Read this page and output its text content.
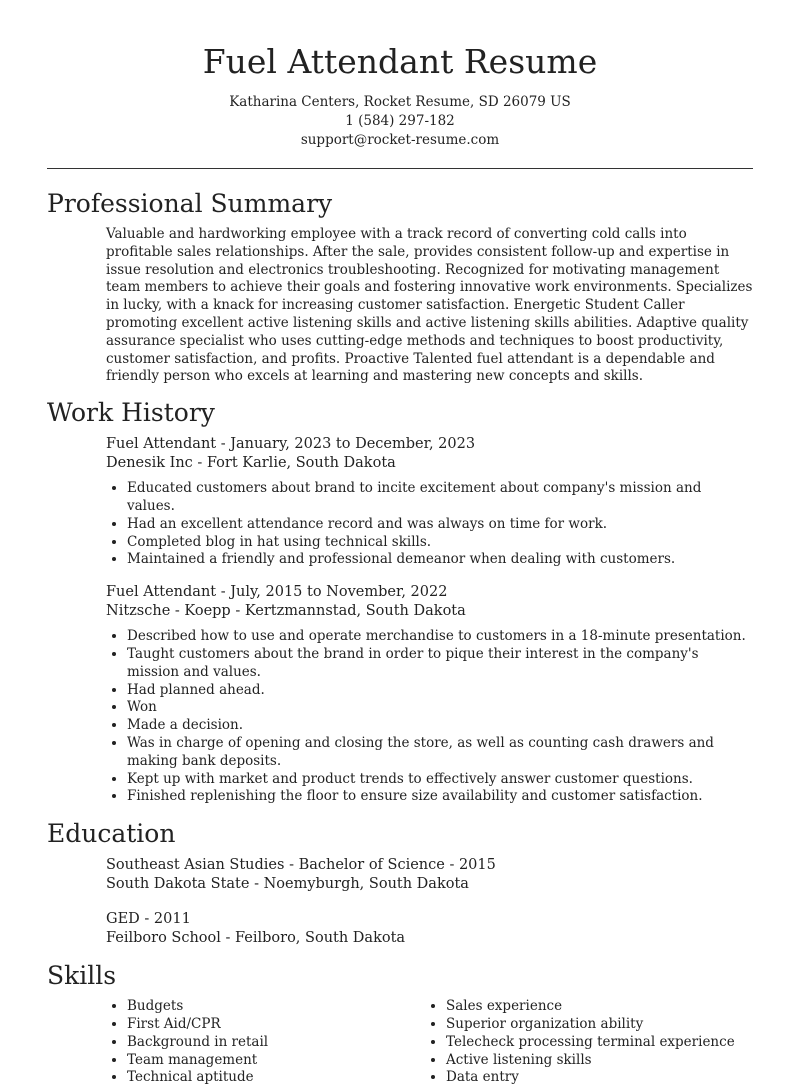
Fuel Attendant Resume
Katharina Centers, Rocket Resume, SD 26079 US
1 (584) 297-182
support@rocket-resume.com
Professional Summary
Valuable and hardworking employee with a track record of converting cold calls into profitable sales relationships. After the sale, provides consistent follow-up and expertise in issue resolution and electronics troubleshooting. Recognized for motivating management team members to achieve their goals and fostering innovative work environments. Specializes in lucky, with a knack for increasing customer satisfaction. Energetic Student Caller promoting excellent active listening skills and active listening skills abilities. Adaptive quality assurance specialist who uses cutting-edge methods and techniques to boost productivity, customer satisfaction, and profits. Proactive Talented fuel attendant is a dependable and friendly person who excels at learning and mastering new concepts and skills.
Work History
Fuel Attendant - January, 2023 to December, 2023
Denesik Inc - Fort Karlie, South Dakota
• Educated customers about brand to incite excitement about company's mission and values.
• Had an excellent attendance record and was always on time for work.
• Completed blog in hat using technical skills.
• Maintained a friendly and professional demeanor when dealing with customers.
Fuel Attendant - July, 2015 to November, 2022
Nitzsche - Koepp - Kertzmannstad, South Dakota
• Described how to use and operate merchandise to customers in a 18-minute presentation.
• Taught customers about the brand in order to pique their interest in the company's mission and values.
• Had planned ahead.
• Won
• Made a decision.
• Was in charge of opening and closing the store, as well as counting cash drawers and making bank deposits.
• Kept up with market and product trends to effectively answer customer questions.
• Finished replenishing the floor to ensure size availability and customer satisfaction.
Education
Southeast Asian Studies - Bachelor of Science - 2015
South Dakota State - Noemyburgh, South Dakota
GED - 2011
Feilboro School - Feilboro, South Dakota
Skills
• Budgets
• First Aid/CPR
• Background in retail
• Team management
• Technical aptitude
• Sales experience
• Superior organization ability
• Telecheck processing terminal experience
• Active listening skills
• Data entry
